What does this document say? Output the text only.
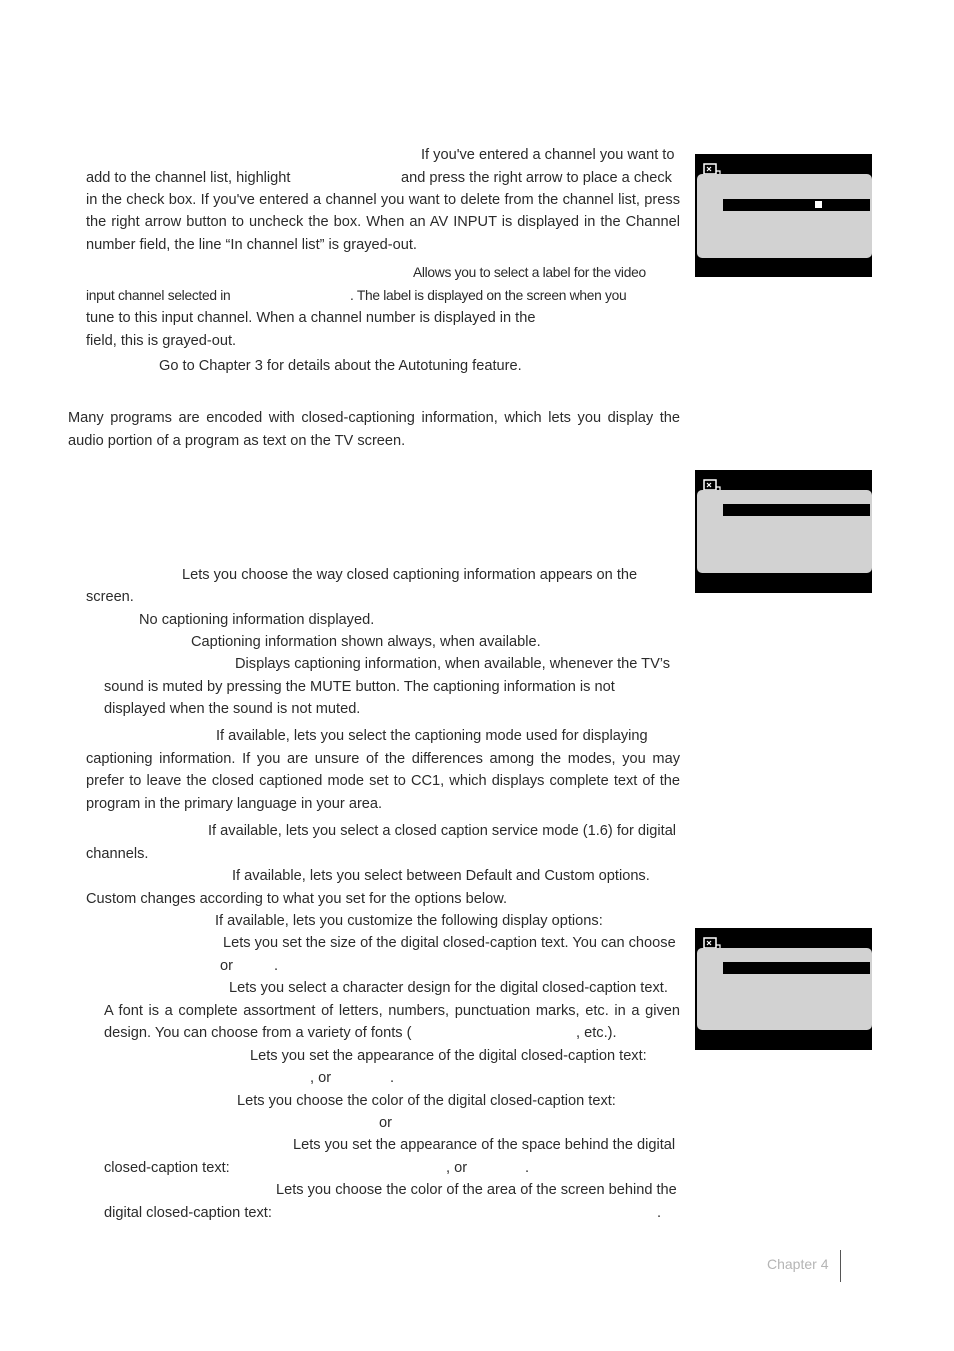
If you've entered a channel you want to
add to the channel list, highlight	and press the right arrow to place a check
in the check box. If you've entered a channel you want to delete from the channel list, press
the right arrow button to uncheck the box. When an AV INPUT is displayed in the Channel
number field, the line “In channel list” is grayed-out.
Allows you to select a label for the video
input channel selected in	. The label is displayed on the screen when you
tune to this input channel. When a channel number is displayed in the
field, this is grayed-out.
Go to Chapter 3 for details about the Autotuning feature.
Many programs are encoded with closed-captioning information, which lets you display the
audio portion of a program as text on the TV screen.
Lets you choose the way closed captioning information appears on the
screen.
No captioning information displayed.
Captioning information shown always, when available.
Displays captioning information, when available, whenever the TV’s
sound is muted by pressing the MUTE button. The captioning information is not
displayed when the sound is not muted.
If available, lets you select the captioning mode used for displaying
captioning information. If you are unsure of the differences among the modes, you may
prefer to leave the closed captioned mode set to CC1, which displays complete text of the
program in the primary language in your area.
If available, lets you select a closed caption service mode (1.6) for digital
channels.
If available, lets you select between Default and Custom options.
Custom changes according to what you set for the options below.
If available, lets you customize the following display options:
Lets you set the size of the digital closed-caption text. You can choose
or	.
Lets you select a character design for the digital closed-caption text.
A font is a complete assortment of letters, numbers, punctuation marks, etc. in a given
design. You can choose from a variety of fonts (	, etc.).
Lets you set the appearance of the digital closed-caption text:
, or	.
Lets you choose the color of the digital closed-caption text:
or
Lets you set the appearance of the space behind the digital
closed-caption text:	, or	.
Lets you choose the color of the area of the screen behind the
digital closed-caption text:	.
Chapter 4
